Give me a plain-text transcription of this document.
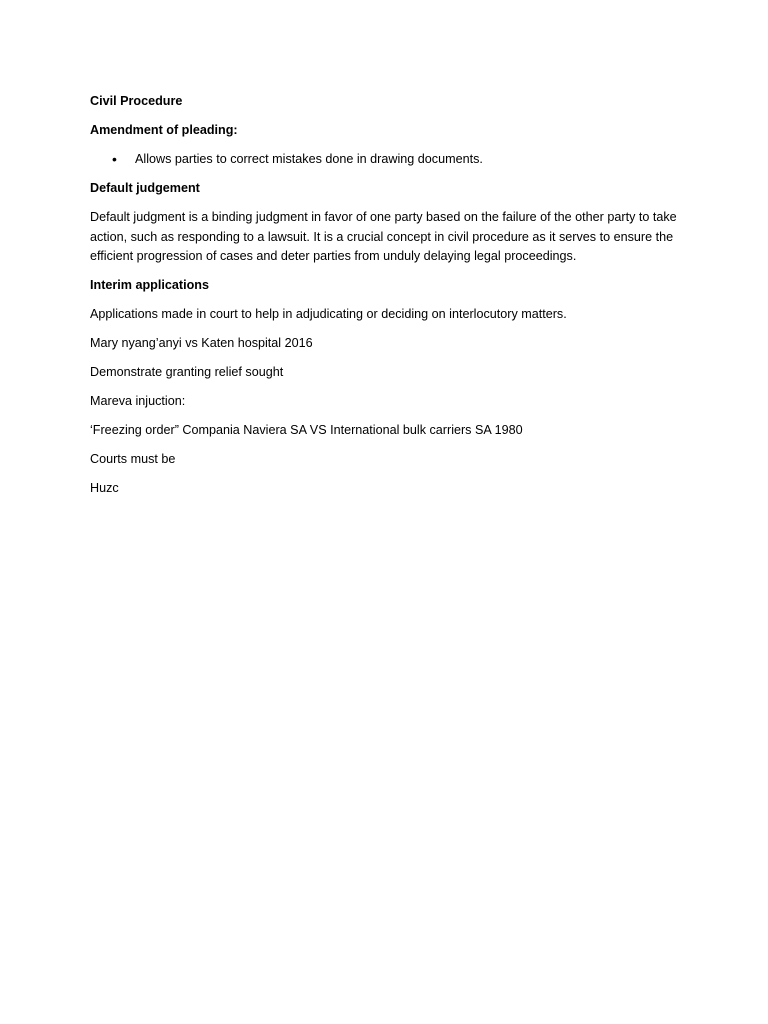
Civil Procedure

Amendment of pleading:

• Allows parties to correct mistakes done in drawing documents.

Default judgement

Default judgment is a binding judgment in favor of one party based on the failure of the other party to take action, such as responding to a lawsuit. It is a crucial concept in civil procedure as it serves to ensure the efficient progression of cases and deter parties from unduly delaying legal proceedings.

Interim applications

Applications made in court to help in adjudicating or deciding on interlocutory matters.

Mary nyang’anyi vs Katen hospital 2016

Demonstrate granting relief sought

Mareva injuction:

‘Freezing order” Compania Naviera SA VS International bulk carriers SA 1980

Courts must be

Huzc
